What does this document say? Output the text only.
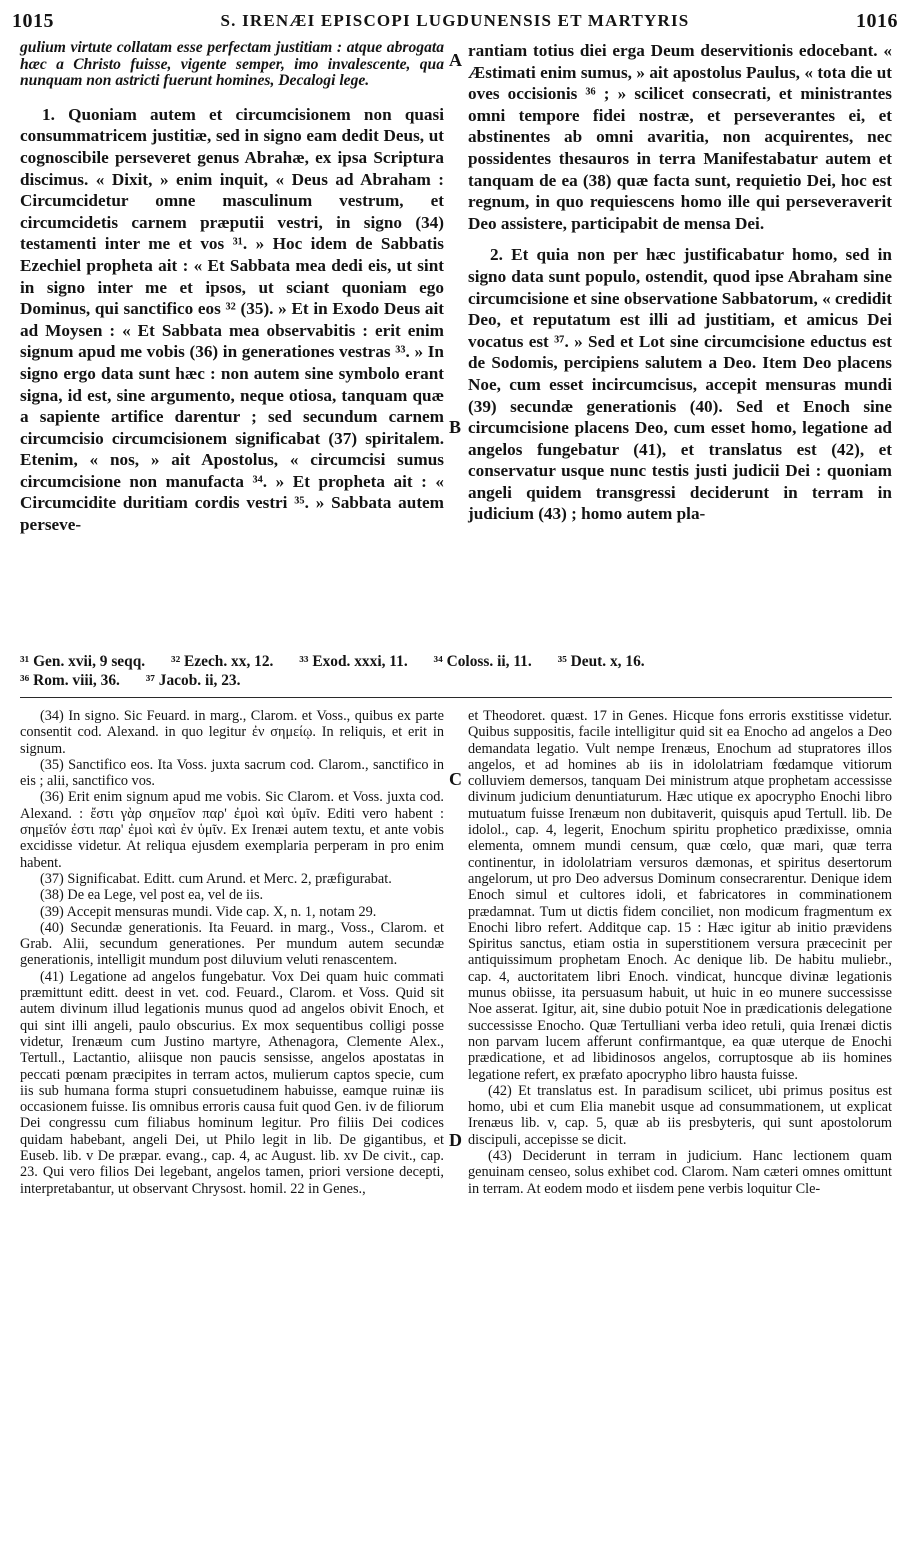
1015	S. IRENÆI EPISCOPI LUGDUNENSIS ET MARTYRIS	1016

gulium virtute collatam esse perfectam justitiam : atque abrogata hæc a Christo fuisse, vigente semper, imo invalescente, qua nunquam non astricti fuerunt homines, Decalogi lege.

1. Quoniam autem et circumcisionem non quasi consummatricem justitiæ, sed in signo eam dedit Deus, ut cognoscibile perseveret genus Abrahæ, ex ipsa Scriptura discimus. « Dixit, » enim inquit, « Deus ad Abraham : Circumcidetur omne masculinum vestrum, et circumcidetis carnem præputii vestri, in signo (34) testamenti inter me et vos ³¹. » Hoc idem de Sabbatis Ezechiel propheta ait : « Et Sabbata mea dedi eis, ut sint in signo inter me et ipsos, ut sciant quoniam ego Dominus, qui sanctifico eos ³² (35). » Et in Exodo Deus ait ad Moysen : « Et Sabbata mea observabitis : erit enim signum apud me vobis (36) in generationes vestras ³³. » In signo ergo data sunt hæc : non autem sine symbolo erant signa, id est, sine argumento, neque otiosa, tanquam quæ a sapiente artifice darentur ; sed secundum carnem circumcisio circumcisionem significabat (37) spiritalem. Etenim, « nos, » ait Apostolus, « circumcisi sumus circumcisione non manufacta ³⁴. » Et propheta ait : « Circumcidite duritiam cordis vestri ³⁵. » Sabbata autem perseve-

rantiam totius diei erga Deum deservitionis edocebant. « Æstimati enim sumus, » ait apostolus Paulus, « tota die ut oves occisionis ³⁶ ; » scilicet consecrati, et ministrantes omni tempore fidei nostræ, et perseverantes ei, et abstinentes ab omni avaritia, non acquirentes, nec possidentes thesauros in terra Manifestabatur autem et tanquam de ea (38) quæ facta sunt, requietio Dei, hoc est regnum, in quo requiescens homo ille qui perseveraverit Deo assistere, participabit de mensa Dei.

2. Et quia non per hæc justificabatur homo, sed in signo data sunt populo, ostendit, quod ipse Abraham sine circumcisione et sine observatione Sabbatorum, « credidit Deo, et reputatum est illi ad justitiam, et amicus Dei vocatus est ³⁷. » Sed et Lot sine circumcisione eductus est de Sodomis, percipiens salutem a Deo. Item Deo placens Noe, cum esset incircumcisus, accepit mensuras mundi (39) secundæ generationis (40). Sed et Enoch sine circumcisione placens Deo, cum esset homo, legatione ad angelos fungebatur (41), et translatus est (42), et conservatur usque nunc testis justi judicii Dei : quoniam angeli quidem transgressi deciderunt in terram in judicium (43) ; homo autem pla-

A
B
C
D
³¹ Gen. xvii, 9 seqq. ³² Ezech. xx, 12. ³³ Exod. xxxi, 11. ³⁴ Coloss. ii, 11. ³⁵ Deut. x, 16.
³⁶ Rom. viii, 36. ³⁷ Jacob. ii, 23.

(34) In signo. Sic Feuard. in marg., Clarom. et Voss., quibus ex parte consentit cod. Alexand. in quo legitur ἐν σημείῳ. In reliquis, et erit in signum.

(35) Sanctifico eos. Ita Voss. juxta sacrum cod. Clarom., sanctifico in eis ; alii, sanctifico vos.

(36) Erit enim signum apud me vobis. Sic Clarom. et Voss. juxta cod. Alexand. : ἔστι γὰρ σημεῖον παρ' ἐμοὶ καὶ ὑμῖν. Editi vero habent : σημεῖόν ἐστι παρ' ἐμοὶ καὶ ἐν ὑμῖν. Ex Irenæi autem textu, et ante vobis excidisse videtur. At reliqua ejusdem exemplaria perperam in pro enim habent.

(37) Significabat. Editt. cum Arund. et Merc. 2, præfigurabat.

(38) De ea Lege, vel post ea, vel de iis.

(39) Accepit mensuras mundi. Vide cap. X, n. 1, notam 29.

(40) Secundæ generationis. Ita Feuard. in marg., Voss., Clarom. et Grab. Alii, secundum generationes. Per mundum autem secundæ generationis, intelligit mundum post diluvium veluti renascentem.

(41) Legatione ad angelos fungebatur. Vox Dei quam huic commati præmittunt editt. deest in vet. cod. Feuard., Clarom. et Voss. Quid sit autem divinum illud legationis munus quod ad angelos obivit Enoch, et qui sint illi angeli, paulo obscurius. Ex mox sequentibus colligi posse videtur, Irenæum cum Justino martyre, Athenagora, Clemente Alex., Tertull., Lactantio, aliisque non paucis sensisse, angelos apostatas in peccati pœnam præcipites in terram actos, mulierum captos specie, cum iis sub humana forma stupri consuetudinem habuisse, eamque ruinæ iis occasionem fuisse. Iis omnibus erroris causa fuit quod Gen. iv de filiorum Dei congressu cum filiabus hominum legitur. Pro filiis Dei codices quidam habebant, angeli Dei, ut Philo legit in lib. De gigantibus, et Euseb. lib. v De præpar. evang., cap. 4, ac August. lib. xv De civit., cap. 23. Qui vero filios Dei legebant, angelos tamen, priori versione decepti, interpretabantur, ut observant Chrysost. homil. 22 in Genes.,

et Theodoret. quæst. 17 in Genes. Hicque fons erroris exstitisse videtur. Quibus suppositis, facile intelligitur quid sit ea Enocho ad angelos a Deo demandata legatio. Vult nempe Irenæus, Enochum ad stupratores illos angelos, et ad homines ab iis in idololatriam fœdamque vitiorum colluviem demersos, tanquam Dei ministrum atque prophetam accessisse divinum judicium denuntiaturum. Hæc utique ex apocrypho Enochi libro mutuatum fuisse Irenæum non dubitaverit, quisquis apud Tertull. lib. De idolol., cap. 4, legerit, Enochum spiritu prophetico prædixisse, omnia elementa, omnem mundi censum, quæ cœlo, quæ mari, quæ terra continentur, in idololatriam versuros dæmonas, et spiritus desertorum angelorum, ut pro Deo adversus Dominum consecrarentur. Denique idem Enoch simul et cultores idoli, et fabricatores in comminationem prædamnat. Tum ut dictis fidem conciliet, non modicum fragmentum ex Enochi libro refert. Additque cap. 15 : Hæc igitur ab initio prævidens Spiritus sanctus, etiam ostia in superstitionem versura præcecinit per antiquissimum prophetam Enoch. Ac denique lib. De habitu muliebr., cap. 4, auctoritatem libri Enoch. vindicat, huncque divinæ legationis munus obiisse, ita persuasum habuit, ut huic in eo munere successisse Noe asserat. Igitur, ait, sine dubio potuit Noe in prædicationis delegatione successisse Enocho. Quæ Tertulliani verba ideo retuli, quia Irenæi dictis non parvam lucem afferunt confirmantque, ea quæ uterque de Enochi prædicatione, et ad libidinosos angelos, corruptosque ab iis homines legatione refert, ex præfato apocrypho libro hausta fuisse.

(42) Et translatus est. In paradisum scilicet, ubi primus positus est homo, ubi et cum Elia manebit usque ad consummationem, ut explicat Irenæus lib. v, cap. 5, quæ ab iis presbyteris, qui sunt apostolorum discipuli, accepisse se dicit.

(43) Deciderunt in terram in judicium. Hanc lectionem quam genuinam censeo, solus exhibet cod. Clarom. Nam cæteri omnes omittunt in terram. At eodem modo et iisdem pene verbis loquitur Cle-
